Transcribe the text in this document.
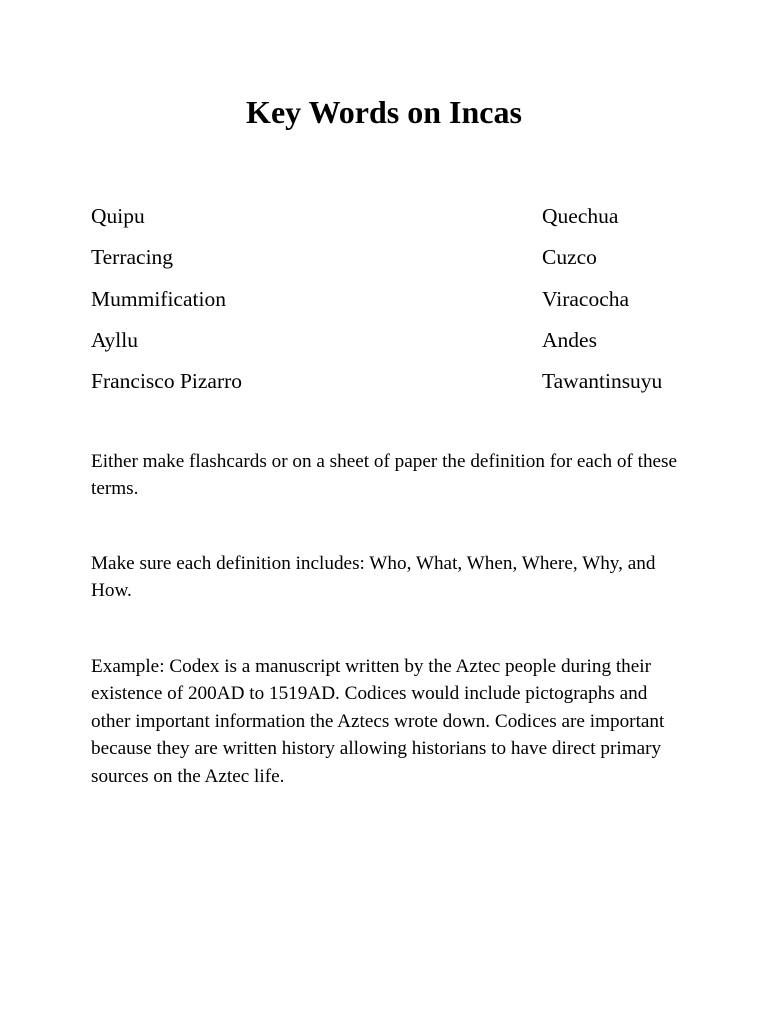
Key Words on Incas
Quipu	Quechua
Terracing	Cuzco
Mummification	Viracocha
Ayllu	Andes
Francisco Pizarro	Tawantinsuyu

Either make flashcards or on a sheet of paper the definition for each of these terms.

Make sure each definition includes: Who, What, When, Where, Why, and How.

Example: Codex is a manuscript written by the Aztec people during their existence of 200AD to 1519AD. Codices would include pictographs and other important information the Aztecs wrote down. Codices are important because they are written history allowing historians to have direct primary sources on the Aztec life.
